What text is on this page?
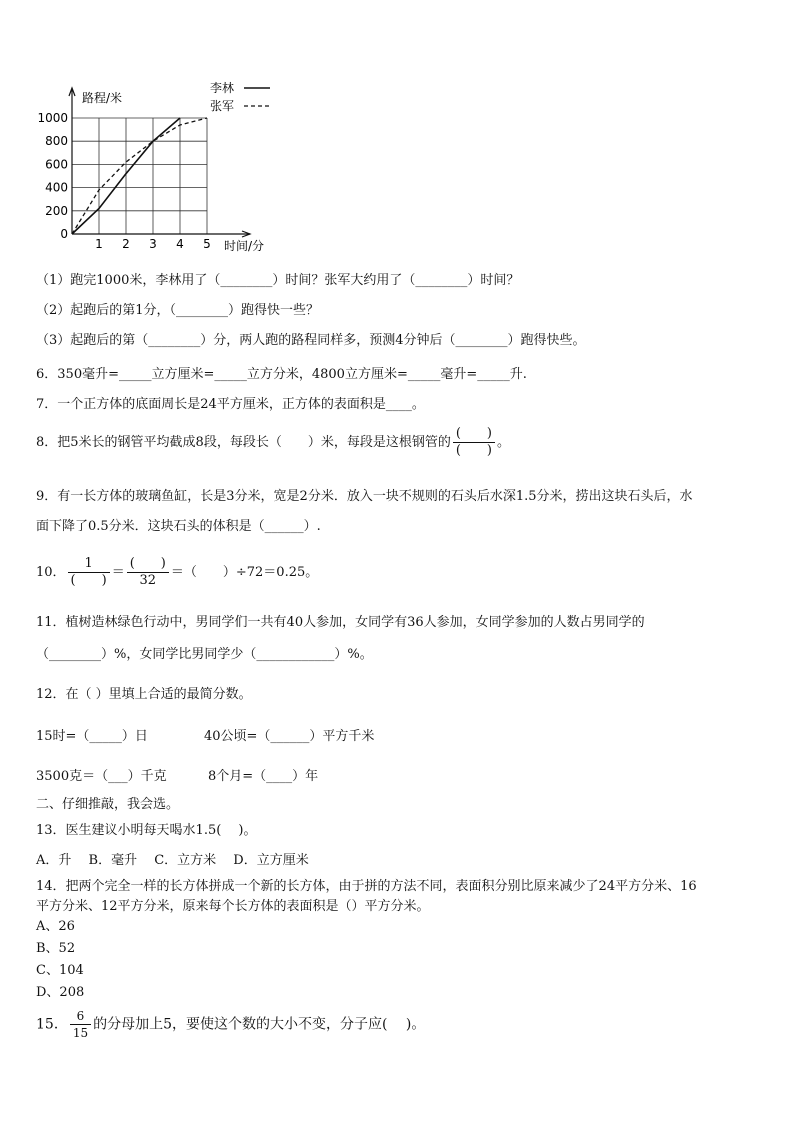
1 2 3 4 5
0
200
400
600
800
1000
路程/米
时间/分
李林
张军
（1）跑完1000米，李林用了（________）时间？张军大约用了（________）时间？
（2）起跑后的第1分，（________）跑得快一些？
（3）起跑后的第（________）分，两人跑的路程同样多，预测4分钟后（________）跑得快些。
6．350毫升=_____立方厘米=_____立方分米，4800立方厘米=_____毫升=_____升.
7．一个正方体的底面周长是24平方厘米，正方体的表面积是____。
8．把5米长的钢管平均截成8段，每段长（　　）米，每段是这根钢管的 $\frac{( )}{( )}$ 。
9．有一长方体的玻璃鱼缸，长是3分米，宽是2分米．放入一块不规则的石头后水深1.5分米，捞出这块石头后，水
面下降了0.5分米．这块石头的体积是（______）.
10． $\frac{1}{( )} = \frac{( )}{32}$ ＝（　　）÷72＝0.25。
11．植树造林绿色行动中，男同学们一共有40人参加，女同学有36人参加，女同学参加的人数占男同学的
（________）%，女同学比男同学少（____________）%。
12．在（ ）里填上合适的最简分数。
15时=（_____）日	40公顷=（______）平方千米
3500克＝（___）千克	8个月=（____）年
二、仔细推敲，我会选。
13．医生建议小明每天喝水1.5(　 )。
A．升　 B．毫升　 C．立方米　 D．立方厘米
14．把两个完全一样的长方体拼成一个新的长方体，由于拼的方法不同，表面积分别比原来减少了24平方分米、16
平方分米、12平方分米，原来每个长方体的表面积是（）平方分米。
A、26
B、52
C、104
D、208
15． $\frac{6}{15}$ 的分母加上5，要使这个数的大小不变，分子应(　 )。
